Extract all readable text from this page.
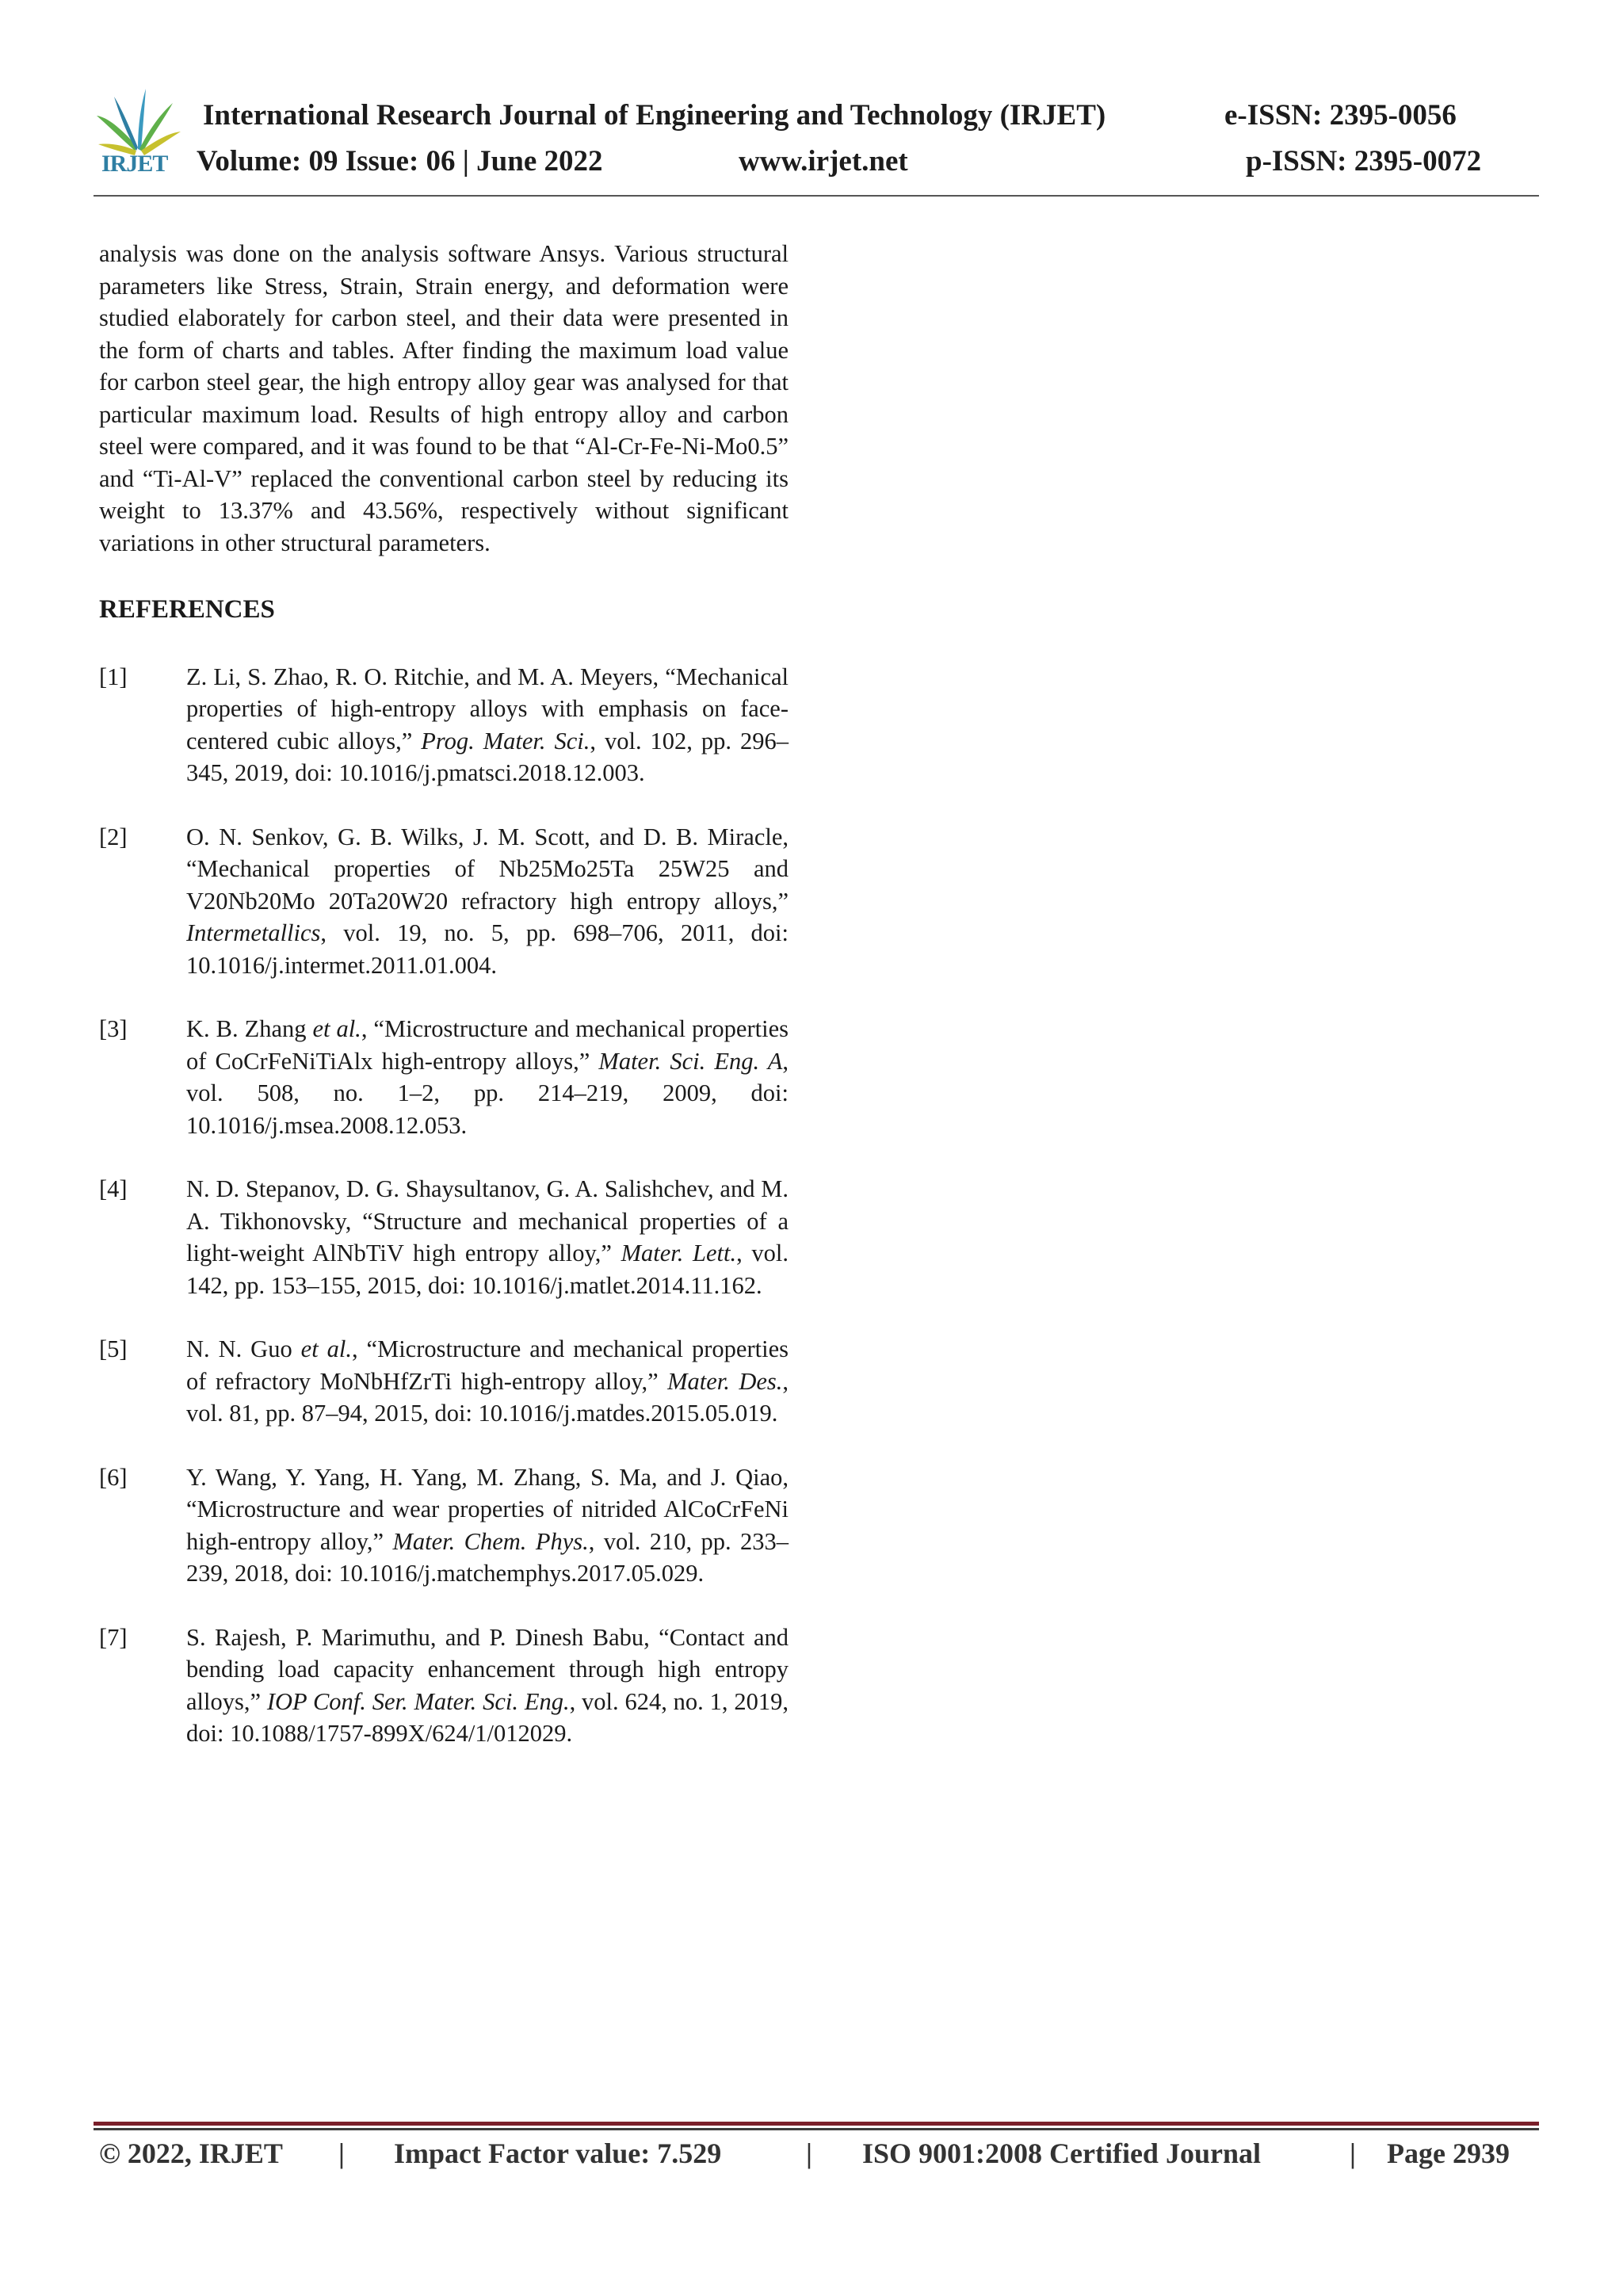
IRJET
International Research Journal of Engineering and Technology (IRJET)	e-ISSN: 2395-0056
Volume: 09 Issue: 06 | June 2022	www.irjet.net	p-ISSN: 2395-0072

analysis was done on the analysis software Ansys. Various structural parameters like Stress, Strain, Strain energy, and deformation were studied elaborately for carbon steel, and their data were presented in the form of charts and tables. After finding the maximum load value for carbon steel gear, the high entropy alloy gear was analysed for that particular maximum load. Results of high entropy alloy and carbon steel were compared, and it was found to be that “Al-Cr-Fe-Ni-Mo0.5” and “Ti-Al-V” replaced the conventional carbon steel by reducing its weight to 13.37% and 43.56%, respectively without significant variations in other structural parameters.

REFERENCES
[1]	Z. Li, S. Zhao, R. O. Ritchie, and M. A. Meyers, “Mechanical properties of high-entropy alloys with emphasis on face-centered cubic alloys,” Prog. Mater. Sci., vol. 102, pp. 296–345, 2019, doi: 10.1016/j.pmatsci.2018.12.003.
[2]	O. N. Senkov, G. B. Wilks, J. M. Scott, and D. B. Miracle, “Mechanical properties of Nb25Mo25Ta 25W25 and V20Nb20Mo 20Ta20W20 refractory high entropy alloys,” Intermetallics, vol. 19, no. 5, pp. 698–706, 2011, doi: 10.1016/j.intermet.2011.01.004.
[3]	K. B. Zhang et al., “Microstructure and mechanical properties of CoCrFeNiTiAlx high-entropy alloys,” Mater. Sci. Eng. A, vol. 508, no. 1–2, pp. 214–219, 2009, doi: 10.1016/j.msea.2008.12.053.
[4]	N. D. Stepanov, D. G. Shaysultanov, G. A. Salishchev, and M. A. Tikhonovsky, “Structure and mechanical properties of a light-weight AlNbTiV high entropy alloy,” Mater. Lett., vol. 142, pp. 153–155, 2015, doi: 10.1016/j.matlet.2014.11.162.
[5]	N. N. Guo et al., “Microstructure and mechanical properties of refractory MoNbHfZrTi high-entropy alloy,” Mater. Des., vol. 81, pp. 87–94, 2015, doi: 10.1016/j.matdes.2015.05.019.
[6]	Y. Wang, Y. Yang, H. Yang, M. Zhang, S. Ma, and J. Qiao, “Microstructure and wear properties of nitrided AlCoCrFeNi high-entropy alloy,” Mater. Chem. Phys., vol. 210, pp. 233–239, 2018, doi: 10.1016/j.matchemphys.2017.05.029.
[7]	S. Rajesh, P. Marimuthu, and P. Dinesh Babu, “Contact and bending load capacity enhancement through high entropy alloys,” IOP Conf. Ser. Mater. Sci. Eng., vol. 624, no. 1, 2019, doi: 10.1088/1757-899X/624/1/012029.
© 2022, IRJET | Impact Factor value: 7.529	| ISO 9001:2008 Certified Journal	| Page 2939
